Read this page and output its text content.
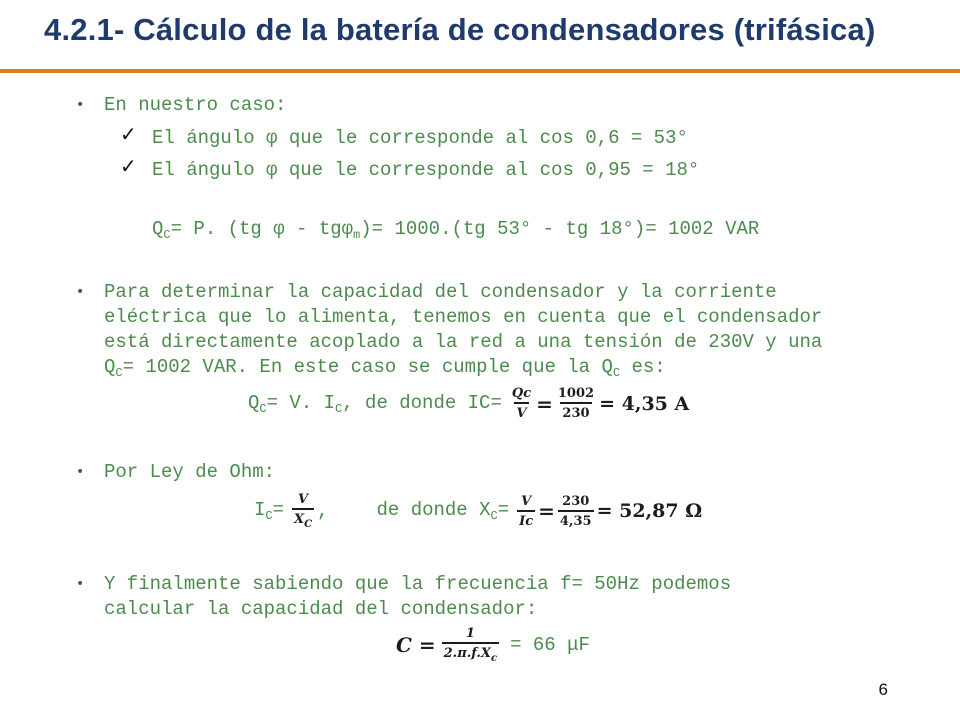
4.2.1- Cálculo de la batería de condensadores (trifásica)
• En nuestro caso:
✓ El ángulo φ que le corresponde al cos 0,6 = 53°
✓ El ángulo φ que le corresponde al cos 0,95 = 18°
$Q_C= P$. (tg φ - tgφ$_m$)= 1000.(tg 53° - tg 18°)= 1002 VAR
• Para determinar la capacidad del condensador y la corriente
eléctrica que lo alimenta, tenemos en cuenta que el condensador
está directamente acoplado a la red a una tensión de 230V y una
$Q_C= 1002$ VAR. En este caso se cumple que la $Q_C$ es:
$Q_C= V$. $I_C$, de donde $IC= \frac{Qc}{V} = \frac{1002}{230} = 4,35$ A
• Por Ley de Ohm:
$I_C= \frac{V}{X_C}$ ,	de donde $X_C= \frac{V}{Ic} = \frac{230}{4,35} = 52,87$ Ω
• Y finalmente sabiendo que la frecuencia f= 50Hz podemos
calcular la capacidad del condensador:
$C = \frac{1}{2.\pi.f.X_c} = 66$ μF
6
